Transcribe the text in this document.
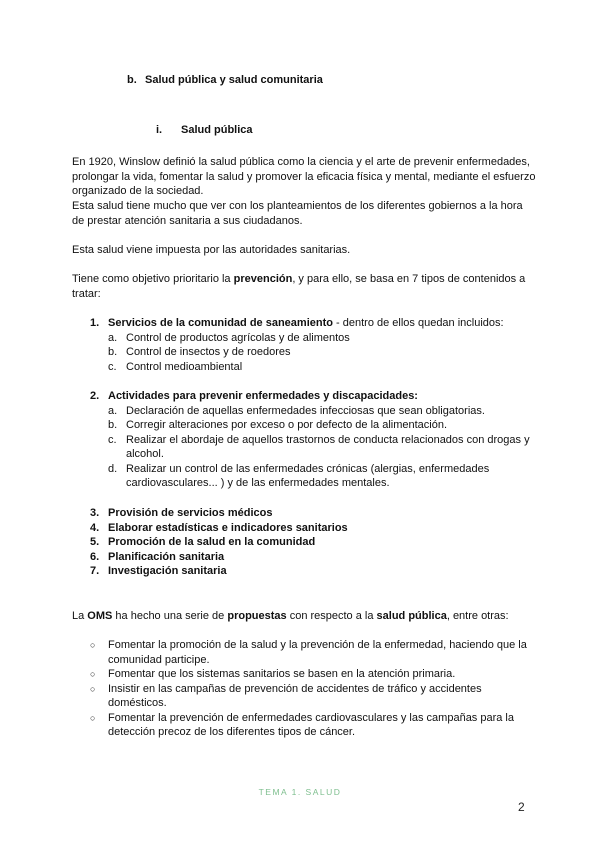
b. Salud pública y salud comunitaria
i. Salud pública
En 1920, Winslow definió la salud pública como la ciencia y el arte de prevenir enfermedades, prolongar la vida, fomentar la salud y promover la eficacia física y mental, mediante el esfuerzo organizado de la sociedad.
Esta salud tiene mucho que ver con los planteamientos de los diferentes gobiernos a la hora de prestar atención sanitaria a sus ciudadanos.
Esta salud viene impuesta por las autoridades sanitarias.
Tiene como objetivo prioritario la prevención, y para ello, se basa en 7 tipos de contenidos a tratar:
1. Servicios de la comunidad de saneamiento - dentro de ellos quedan incluidos:
a. Control de productos agrícolas y de alimentos
b. Control de insectos y de roedores
c. Control medioambiental
2. Actividades para prevenir enfermedades y discapacidades:
a. Declaración de aquellas enfermedades infecciosas que sean obligatorias.
b. Corregir alteraciones por exceso o por defecto de la alimentación.
c. Realizar el abordaje de aquellos trastornos de conducta relacionados con drogas y alcohol.
d. Realizar un control de las enfermedades crónicas (alergias, enfermedades cardiovasculares... ) y de las enfermedades mentales.
3. Provisión de servicios médicos
4. Elaborar estadísticas e indicadores sanitarios
5. Promoción de la salud en la comunidad
6. Planificación sanitaria
7. Investigación sanitaria
La OMS ha hecho una serie de propuestas con respecto a la salud pública, entre otras:
○ Fomentar la promoción de la salud y la prevención de la enfermedad, haciendo que la comunidad participe.
○ Fomentar que los sistemas sanitarios se basen en la atención primaria.
○ Insistir en las campañas de prevención de accidentes de tráfico y accidentes domésticos.
○ Fomentar la prevención de enfermedades cardiovasculares y las campañas para la detección precoz de los diferentes tipos de cáncer.
TEMA 1. SALUD
2
